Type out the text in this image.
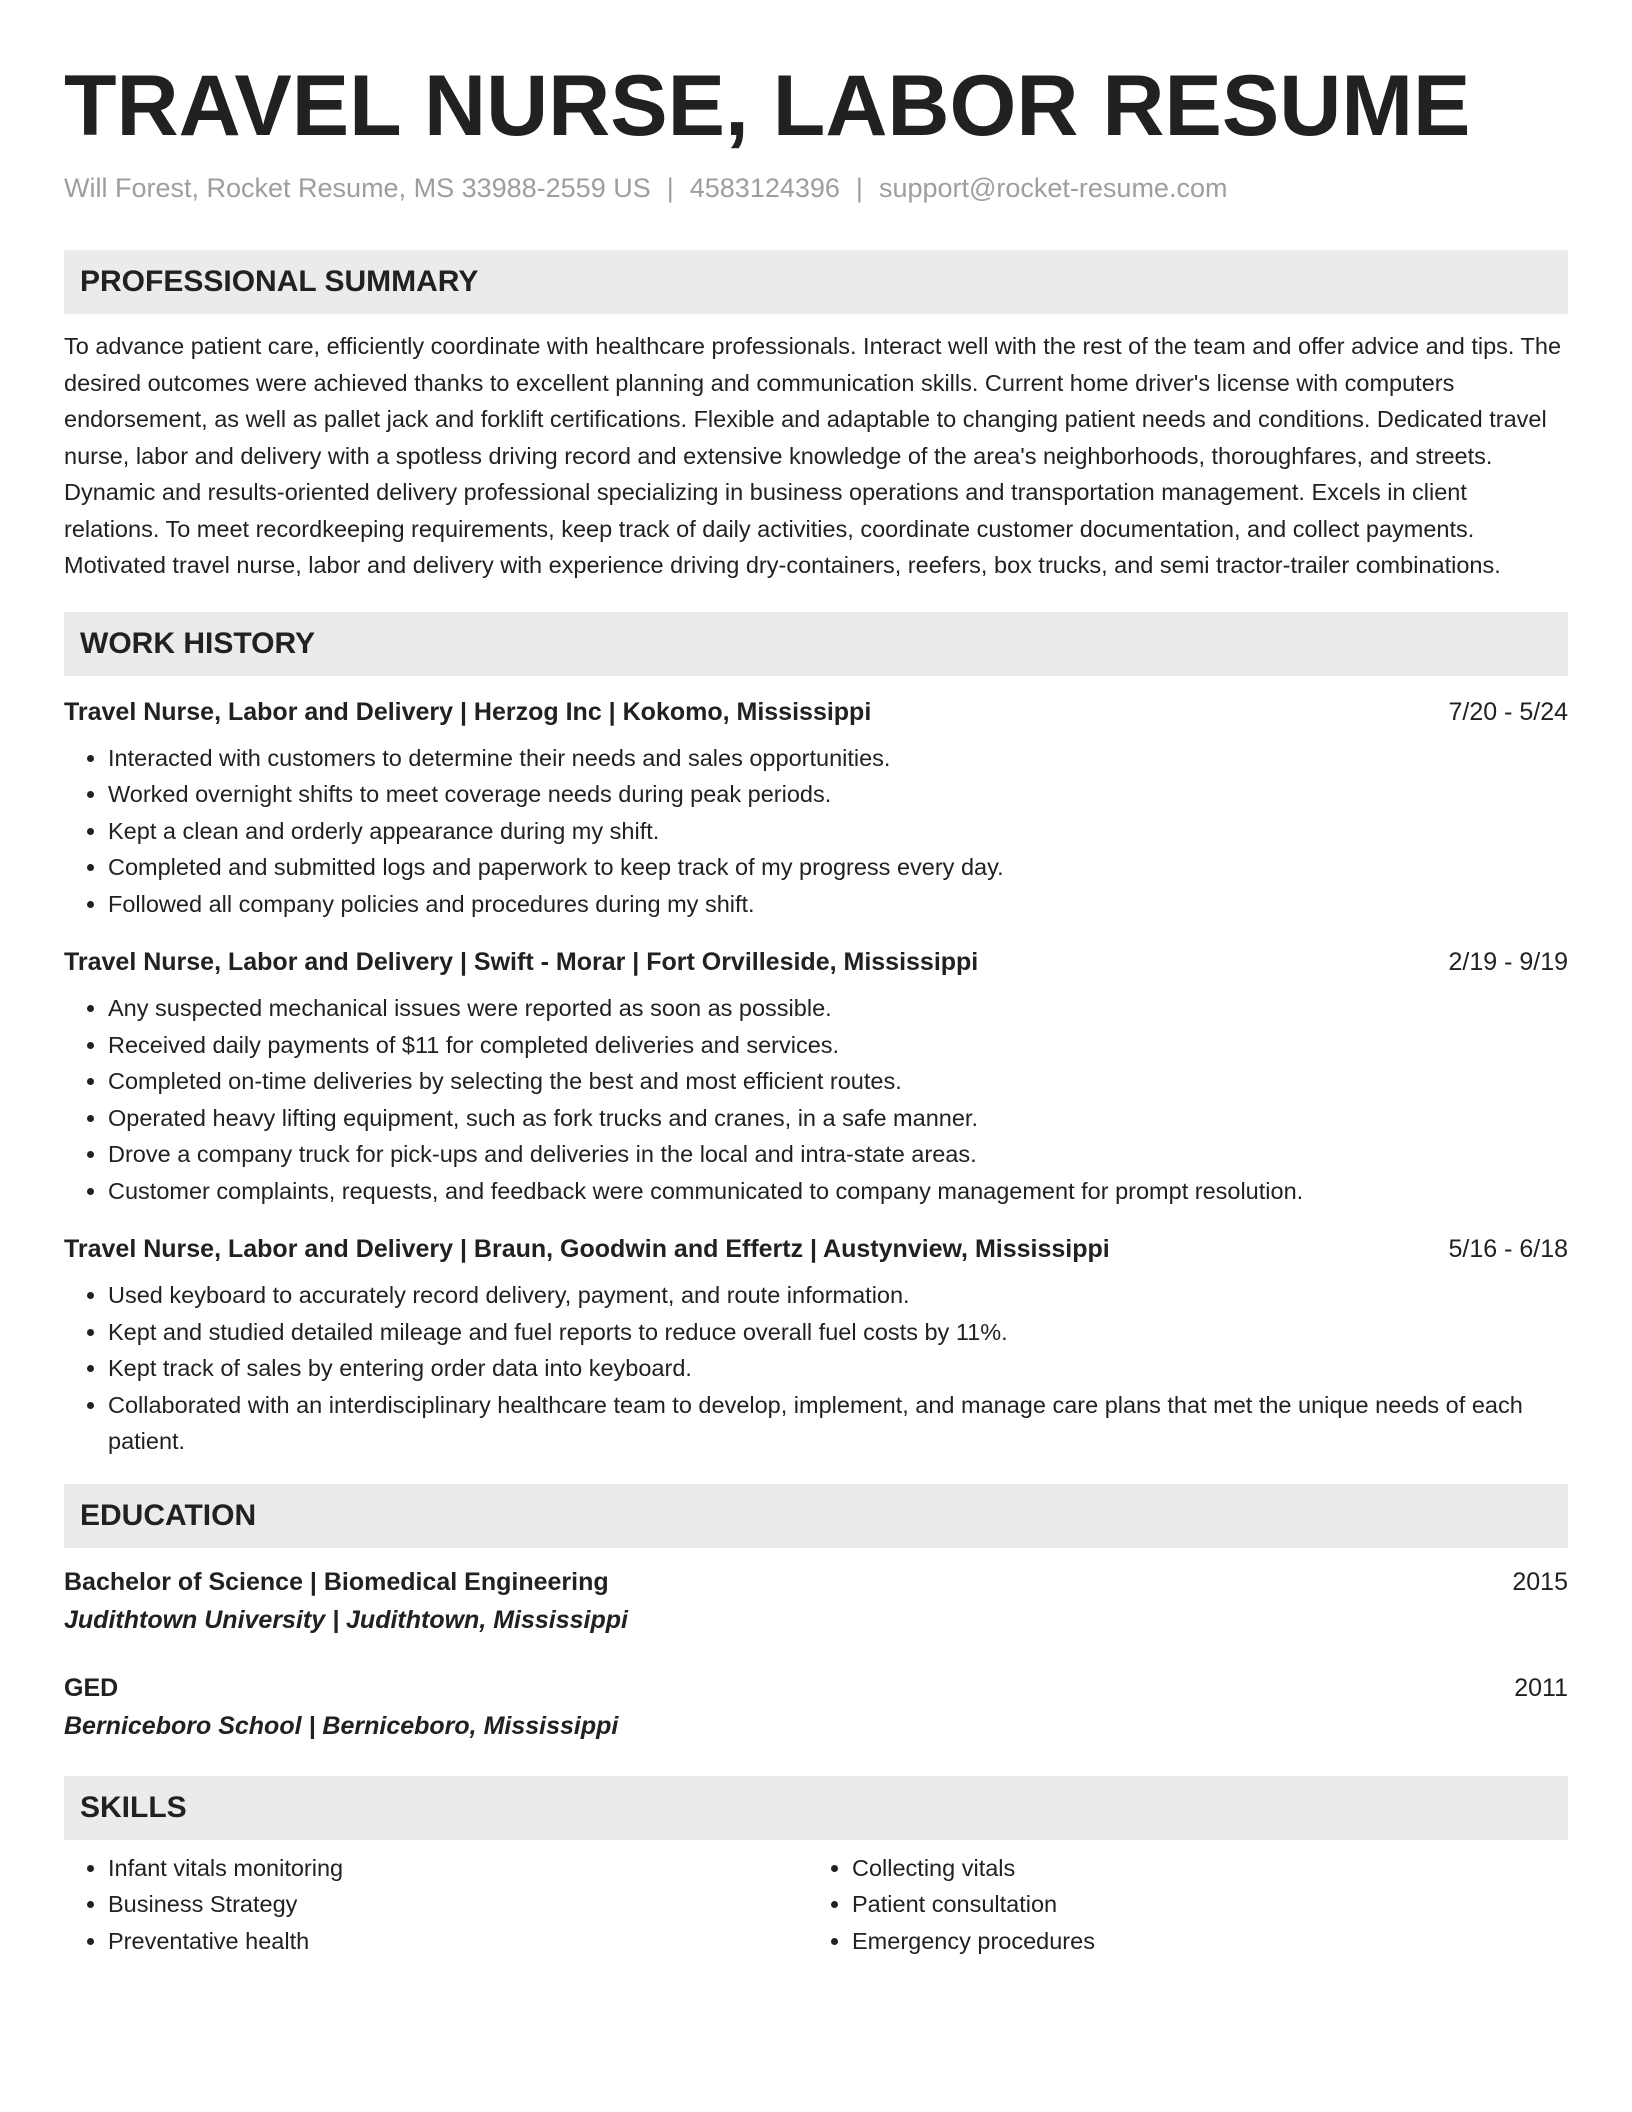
TRAVEL NURSE, LABOR RESUME
Will Forest, Rocket Resume, MS 33988-2559 US | 4583124396 | support@rocket-resume.com
PROFESSIONAL SUMMARY

To advance patient care, efficiently coordinate with healthcare professionals. Interact well with the rest of the team and offer advice and tips. The desired outcomes were achieved thanks to excellent planning and communication skills. Current home driver's license with computers endorsement, as well as pallet jack and forklift certifications. Flexible and adaptable to changing patient needs and conditions. Dedicated travel nurse, labor and delivery with a spotless driving record and extensive knowledge of the area's neighborhoods, thoroughfares, and streets. Dynamic and results-oriented delivery professional specializing in business operations and transportation management. Excels in client relations. To meet recordkeeping requirements, keep track of daily activities, coordinate customer documentation, and collect payments. Motivated travel nurse, labor and delivery with experience driving dry-containers, reefers, box trucks, and semi tractor-trailer combinations.

WORK HISTORY
Travel Nurse, Labor and Delivery | Herzog Inc | Kokomo, Mississippi	7/20 - 5/24
• Interacted with customers to determine their needs and sales opportunities.
• Worked overnight shifts to meet coverage needs during peak periods.
• Kept a clean and orderly appearance during my shift.
• Completed and submitted logs and paperwork to keep track of my progress every day.
• Followed all company policies and procedures during my shift.
Travel Nurse, Labor and Delivery | Swift - Morar | Fort Orvilleside, Mississippi	2/19 - 9/19
• Any suspected mechanical issues were reported as soon as possible.
• Received daily payments of $11 for completed deliveries and services.
• Completed on-time deliveries by selecting the best and most efficient routes.
• Operated heavy lifting equipment, such as fork trucks and cranes, in a safe manner.
• Drove a company truck for pick-ups and deliveries in the local and intra-state areas.
• Customer complaints, requests, and feedback were communicated to company management for prompt resolution.
Travel Nurse, Labor and Delivery | Braun, Goodwin and Effertz | Austynview, Mississippi	5/16 - 6/18
• Used keyboard to accurately record delivery, payment, and route information.
• Kept and studied detailed mileage and fuel reports to reduce overall fuel costs by 11%.
• Kept track of sales by entering order data into keyboard.
• Collaborated with an interdisciplinary healthcare team to develop, implement, and manage care plans that met the unique needs of each patient.
EDUCATION
Bachelor of Science | Biomedical Engineering	2015
Judithtown University | Judithtown, Mississippi
GED	2011
Berniceboro School | Berniceboro, Mississippi
SKILLS
• Infant vitals monitoring
• Business Strategy
• Preventative health
• Collecting vitals
• Patient consultation
• Emergency procedures
